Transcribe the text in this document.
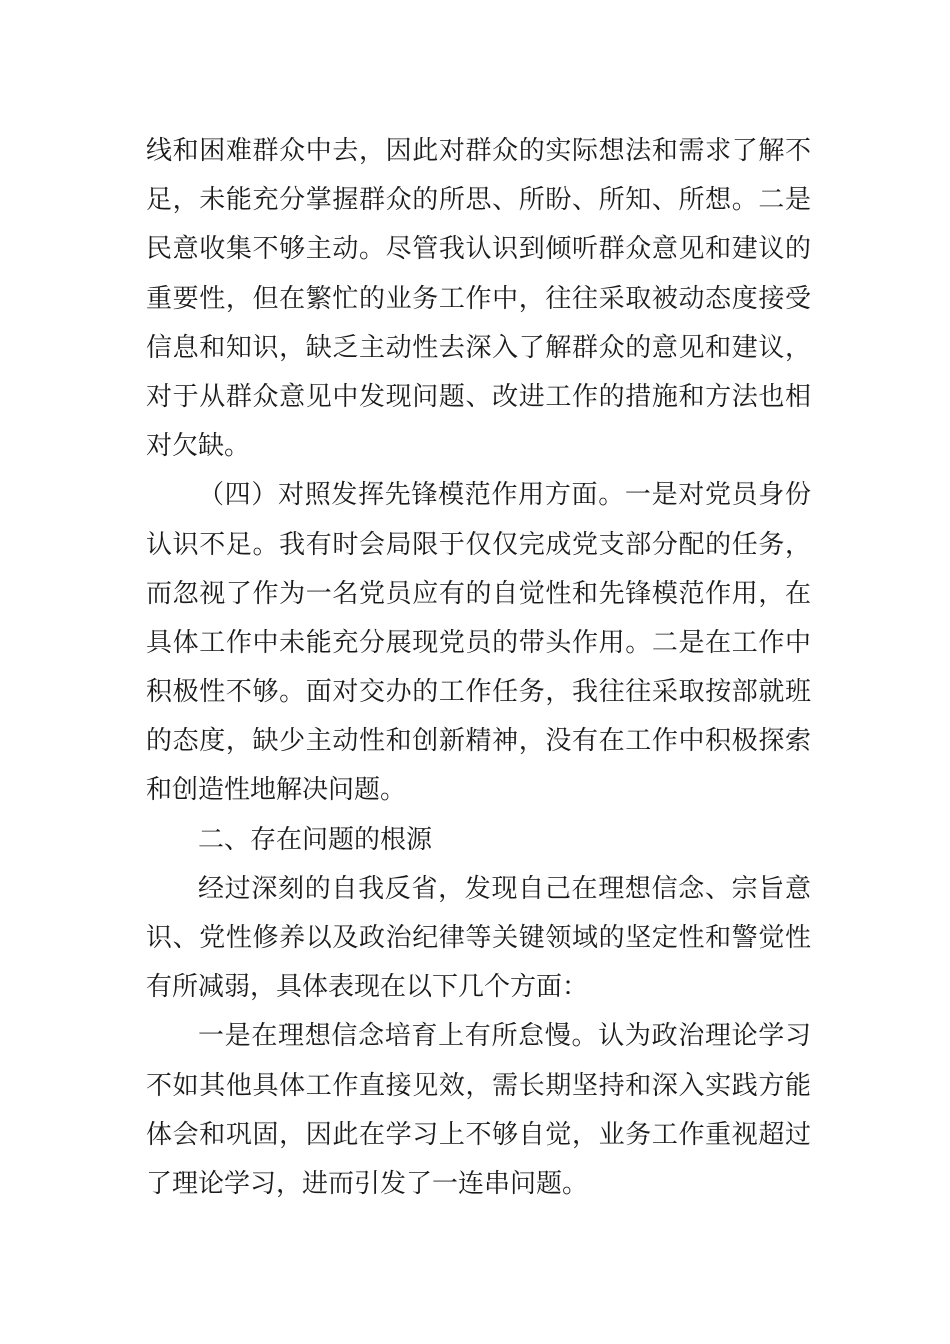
线和困难群众中去，因此对群众的实际想法和需求了解不
足，未能充分掌握群众的所思、所盼、所知、所想。二是
民意收集不够主动。尽管我认识到倾听群众意见和建议的
重要性，但在繁忙的业务工作中，往往采取被动态度接受
信息和知识，缺乏主动性去深入了解群众的意见和建议，
对于从群众意见中发现问题、改进工作的措施和方法也相
对欠缺。
（四）对照发挥先锋模范作用方面。一是对党员身份
认识不足。我有时会局限于仅仅完成党支部分配的任务，
而忽视了作为一名党员应有的自觉性和先锋模范作用，在
具体工作中未能充分展现党员的带头作用。二是在工作中
积极性不够。面对交办的工作任务，我往往采取按部就班
的态度，缺少主动性和创新精神，没有在工作中积极探索
和创造性地解决问题。
二、存在问题的根源
经过深刻的自我反省，发现自己在理想信念、宗旨意
识、党性修养以及政治纪律等关键领域的坚定性和警觉性
有所减弱，具体表现在以下几个方面：
一是在理想信念培育上有所怠慢。认为政治理论学习
不如其他具体工作直接见效，需长期坚持和深入实践方能
体会和巩固，因此在学习上不够自觉，业务工作重视超过
了理论学习，进而引发了一连串问题。
